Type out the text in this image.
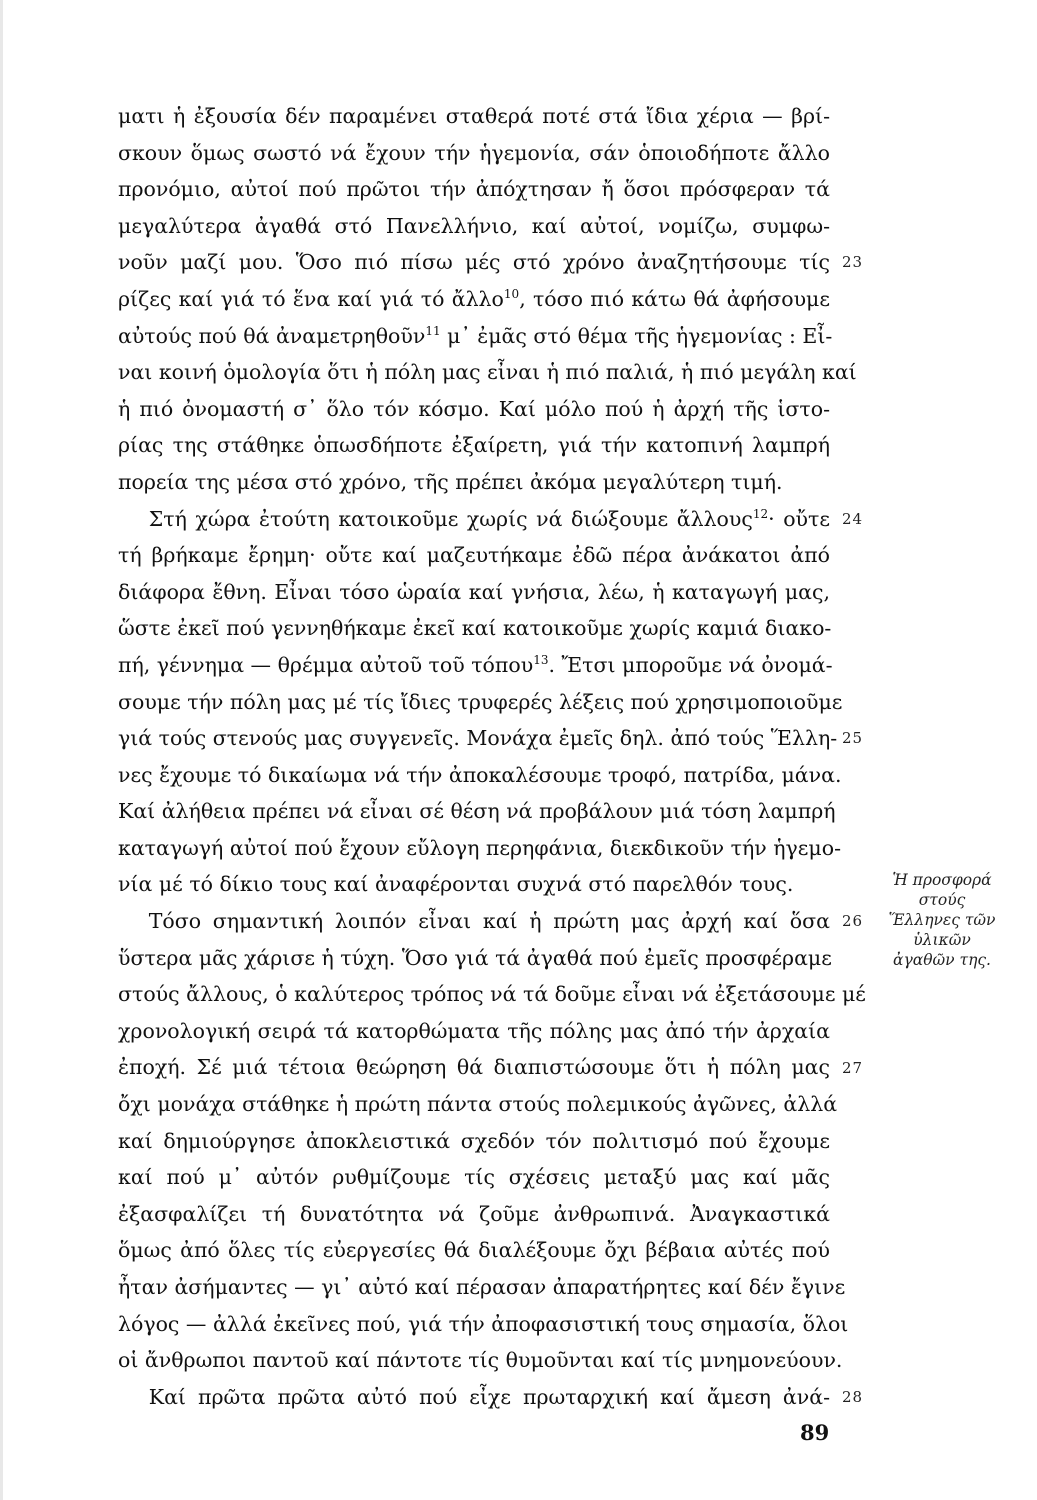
ματι ἡ ἐξουσία δέν παραμένει σταθερά ποτέ στά ἴδια χέρια — βρί-
σκουν ὅμως σωστό νά ἔχουν τήν ἡγεμονία, σάν ὁποιοδήποτε ἄλλο
προνόμιο, αὐτοί πού πρῶτοι τήν ἀπόχτησαν ἤ ὅσοι πρόσφεραν τά
μεγαλύτερα ἀγαθά στό Πανελλήνιο, καί αὐτοί, νομίζω, συμφω-
νοῦν μαζί μου. Ὅσο πιό πίσω μές στό χρόνο ἀναζητήσουμε τίς
ρίζες καί γιά τό ἕνα καί γιά τό ἄλλο$^{10}$, τόσο πιό κάτω θά ἀφήσουμε
αὐτούς πού θά ἀναμετρηθοῦν$^{11}$ μ᾽ ἐμᾶς στό θέμα τῆς ἡγεμονίας : Εἶ-
ναι κοινή ὁμολογία ὅτι ἡ πόλη μας εἶναι ἡ πιό παλιά, ἡ πιό μεγάλη καί
ἡ πιό ὀνομαστή σ᾽ ὅλο τόν κόσμο. Καί μόλο πού ἡ ἀρχή τῆς ἱστο-
ρίας της στάθηκε ὁπωσδήποτε ἐξαίρετη, γιά τήν κατοπινή λαμπρή
πορεία της μέσα στό χρόνο, τῆς πρέπει ἀκόμα μεγαλύτερη τιμή.
  Στή χώρα ἐτούτη κατοικοῦμε χωρίς νά διώξουμε ἄλλους$^{12}$· οὔτε
τή βρήκαμε ἔρημη· οὔτε καί μαζευτήκαμε ἐδῶ πέρα ἀνάκατοι ἀπό
διάφορα ἔθνη. Εἶναι τόσο ὡραία καί γνήσια, λέω, ἡ καταγωγή μας,
ὥστε ἐκεῖ πού γεννηθήκαμε ἐκεῖ καί κατοικοῦμε χωρίς καμιά διακο-
πή, γέννημα — θρέμμα αὐτοῦ τοῦ τόπου$^{13}$. Ἔτσι μποροῦμε νά ὀνομά-
σουμε τήν πόλη μας μέ τίς ἴδιες τρυφερές λέξεις πού χρησιμοποιοῦμε
γιά τούς στενούς μας συγγενεῖς. Μονάχα ἐμεῖς δηλ. ἀπό τούς Ἕλλη-
νες ἔχουμε τό δικαίωμα νά τήν ἀποκαλέσουμε τροφό, πατρίδα, μάνα.
Καί ἀλήθεια πρέπει νά εἶναι σέ θέση νά προβάλουν μιά τόση λαμπρή
καταγωγή αὐτοί πού ἔχουν εὔλογη περηφάνια, διεκδικοῦν τήν ἡγεμο-
νία μέ τό δίκιο τους καί ἀναφέρονται συχνά στό παρελθόν τους.
  Τόσο σημαντική λοιπόν εἶναι καί ἡ πρώτη μας ἀρχή καί ὅσα
ὕστερα μᾶς χάρισε ἡ τύχη. Ὅσο γιά τά ἀγαθά πού ἐμεῖς προσφέραμε
στούς ἄλλους, ὁ καλύτερος τρόπος νά τά δοῦμε εἶναι νά ἐξετάσουμε μέ
χρονολογική σειρά τά κατορθώματα τῆς πόλης μας ἀπό τήν ἀρχαία
ἐποχή. Σέ μιά τέτοια θεώρηση θά διαπιστώσουμε ὅτι ἡ πόλη μας
ὄχι μονάχα στάθηκε ἡ πρώτη πάντα στούς πολεμικούς ἀγῶνες, ἀλλά
καί δημιούργησε ἀποκλειστικά σχεδόν τόν πολιτισμό πού ἔχουμε
καί πού μ᾽ αὐτόν ρυθμίζουμε τίς σχέσεις μεταξύ μας καί μᾶς
ἐξασφαλίζει τή δυνατότητα νά ζοῦμε ἀνθρωπινά. Ἀναγκαστικά
ὅμως ἀπό ὅλες τίς εὐεργεσίες θά διαλέξουμε ὄχι βέβαια αὐτές πού
ἦταν ἀσήμαντες — γι᾽ αὐτό καί πέρασαν ἀπαρατήρητες καί δέν ἔγινε
λόγος — ἀλλά ἐκεῖνες πού, γιά τήν ἀποφασιστική τους σημασία, ὅλοι
οἱ ἄνθρωποι παντοῦ καί πάντοτε τίς θυμοῦνται καί τίς μνημονεύουν.
  Καί πρῶτα πρῶτα αὐτό πού εἶχε πρωταρχική καί ἄμεση ἀνά-
23
24
25
26
27
28
Ἡ προσφορά
στούς
Ἕλληνες τῶν
ὑλικῶν
ἀγαθῶν της.
89
